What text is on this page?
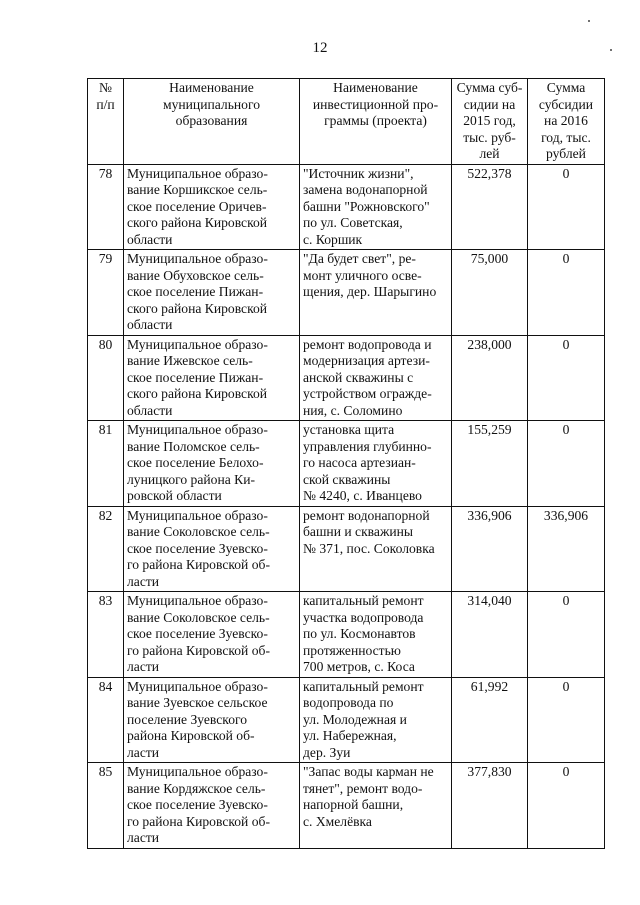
12
№
п/п	Наименование
муниципального
образования	Наименование
инвестиционной про-
граммы (проекта)	Сумма суб-
сидии на
2015 год,
тыс. руб-
лей	Сумма
субсидии
на 2016
год, тыс.
рублей

78	Муниципальное образо-
вание Коршикское сель-
ское поселение Оричев-
ского района Кировской
области	"Источник жизни",
замена водонапорной
башни "Рожновского"
по ул. Советская,
с. Коршик	522,378	0
79	Муниципальное образо-
вание Обуховское сель-
ское поселение Пижан-
ского района Кировской
области	"Да будет свет", ре-
монт уличного осве-
щения, дер. Шарыгино	75,000	0
80	Муниципальное образо-
вание Ижевское сель-
ское поселение Пижан-
ского района Кировской
области	ремонт водопровода и
модернизация артези-
анской скважины с
устройством огражде-
ния, с. Соломино	238,000	0
81	Муниципальное образо-
вание Поломское сель-
ское поселение Белохо-
луницкого района Ки-
ровской области	установка щита
управления глубинно-
го насоса артезиан-
ской скважины
№ 4240, с. Иванцево	155,259	0
82	Муниципальное образо-
вание Соколовское сель-
ское поселение Зуевско-
го района Кировской об-
ласти	ремонт водонапорной
башни и скважины
№ 371, пос. Соколовка	336,906	336,906
83	Муниципальное образо-
вание Соколовское сель-
ское поселение Зуевско-
го района Кировской об-
ласти	капитальный ремонт
участка водопровода
по ул. Космонавтов
протяженностью
700 метров, с. Коса	314,040	0
84	Муниципальное образо-
вание Зуевское сельское
поселение Зуевского
района Кировской об-
ласти	капитальный ремонт
водопровода по
ул. Молодежная и
ул. Набережная,
дер. Зуи	61,992	0
85	Муниципальное образо-
вание Кордяжское сель-
ское поселение Зуевско-
го района Кировской об-
ласти	"Запас воды карман не
тянет", ремонт водо-
напорной башни,
с. Хмелёвка	377,830	0
